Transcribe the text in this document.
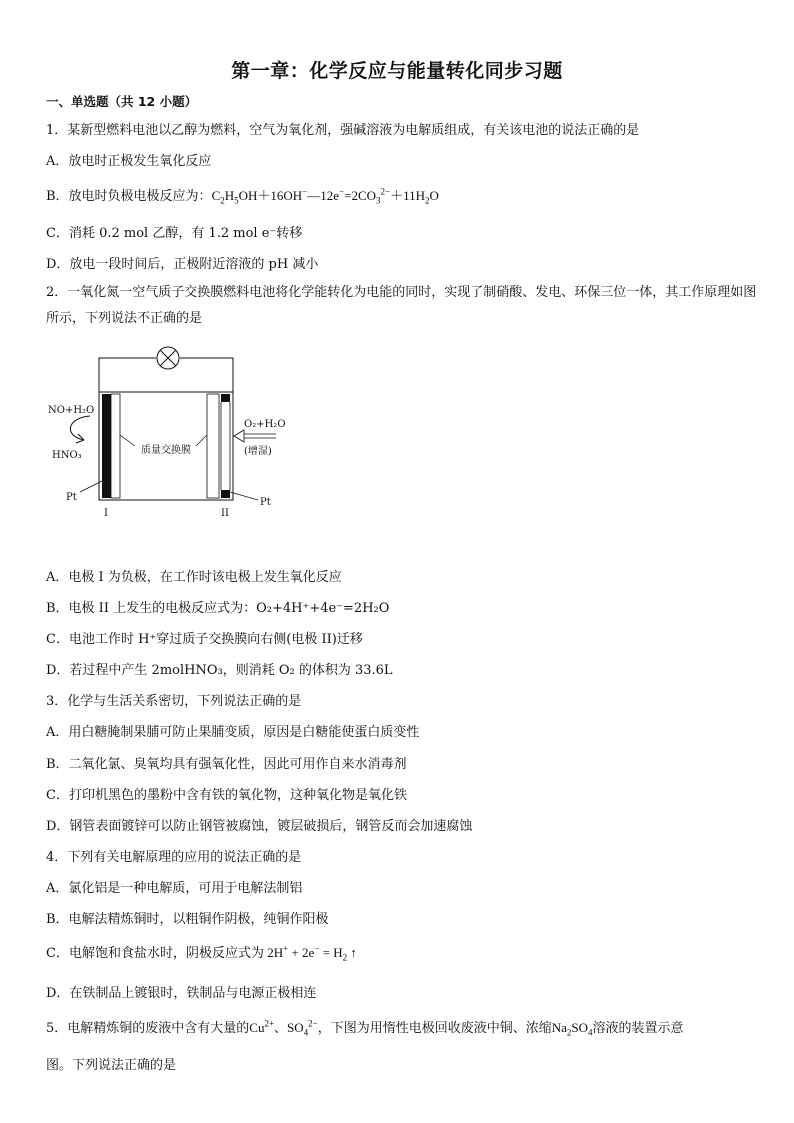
第一章：化学反应与能量转化同步习题
一、单选题（共 12 小题）
1．某新型燃料电池以乙醇为燃料，空气为氧化剂，强碱溶液为电解质组成，有关该电池的说法正确的是
A．放电时正极发生氧化反应
B．放电时负极电极反应为：$C_2H_5OH+16OH^-—12e^-=2CO_3^{2-}+11H_2O$
C．消耗 0.2 mol 乙醇，有 1.2 mol e⁻转移
D．放电一段时间后，正极附近溶液的 pH 减小
2．一氧化氮一空气质子交换膜燃料电池将化学能转化为电能的同时，实现了制硝酸、发电、环保三位一体，其工作原理如图所示，下列说法不正确的是
质量交换膜
NO+H₂O
HNO₃
O₂+H₂O
(增湿)
Pt	Pt
I	II
A．电极 I 为负极，在工作时该电极上发生氧化反应
B．电极 II 上发生的电极反应式为：O₂+4H⁺+4e⁻=2H₂O
C．电池工作时 H⁺穿过质子交换膜向右侧(电极 II)迁移
D．若过程中产生 2molHNO₃，则消耗 O₂ 的体积为 33.6L
3．化学与生活关系密切，下列说法正确的是
A．用白糖腌制果脯可防止果脯变质，原因是白糖能使蛋白质变性
B．二氧化氯、臭氧均具有强氧化性，因此可用作自来水消毒剂
C．打印机黑色的墨粉中含有铁的氧化物，这种氧化物是氧化铁
D．钢管表面镀锌可以防止钢管被腐蚀，镀层破损后，钢管反而会加速腐蚀
4．下列有关电解原理的应用的说法正确的是
A．氯化铝是一种电解质，可用于电解法制铝
B．电解法精炼铜时，以粗铜作阴极，纯铜作阳极
C．电解饱和食盐水时，阴极反应式为 $2H^+ + 2e^- = H_2$ ↑
D．在铁制品上镀银时，铁制品与电源正极相连
5．电解精炼铜的废液中含有大量的$Cu^{2+}$、$SO_4^{2-}$，下图为用惰性电极回收废液中铜、浓缩$Na_2SO_4$溶液的装置示意
图。下列说法正确的是
